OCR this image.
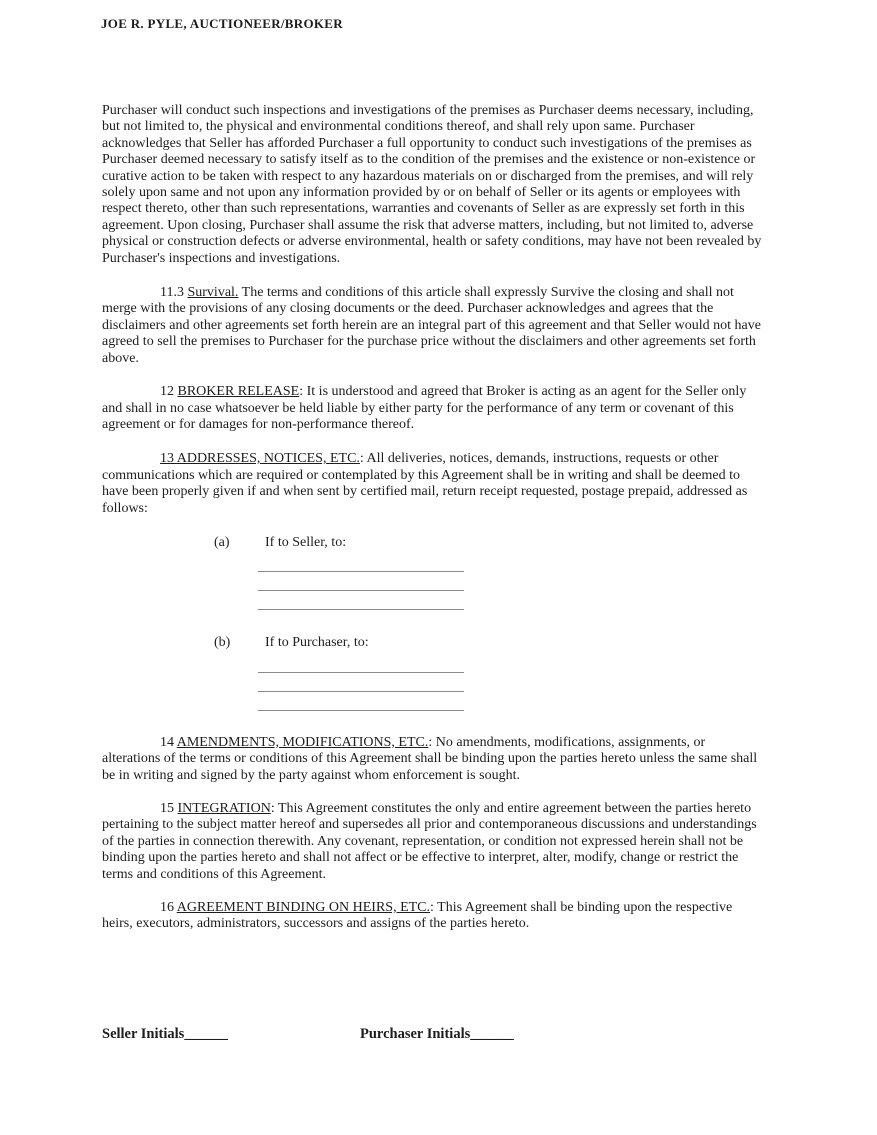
JOE R. PYLE, AUCTIONEER/BROKER

Purchaser will conduct such inspections and investigations of the premises as Purchaser deems necessary, including, but not limited to, the physical and environmental conditions thereof, and shall rely upon same. Purchaser acknowledges that Seller has afforded Purchaser a full opportunity to conduct such investigations of the premises as Purchaser deemed necessary to satisfy itself as to the condition of the premises and the existence or non-existence or curative action to be taken with respect to any hazardous materials on or discharged from the premises, and will rely solely upon same and not upon any information provided by or on behalf of Seller or its agents or employees with respect thereto, other than such representations, warranties and covenants of Seller as are expressly set forth in this agreement. Upon closing, Purchaser shall assume the risk that adverse matters, including, but not limited to, adverse physical or construction defects or adverse environmental, health or safety conditions, may have not been revealed by Purchaser's inspections and investigations.

11.3 Survival. The terms and conditions of this article shall expressly Survive the closing and shall not merge with the provisions of any closing documents or the deed. Purchaser acknowledges and agrees that the disclaimers and other agreements set forth herein are an integral part of this agreement and that Seller would not have agreed to sell the premises to Purchaser for the purchase price without the disclaimers and other agreements set forth above.

12 BROKER RELEASE: It is understood and agreed that Broker is acting as an agent for the Seller only and shall in no case whatsoever be held liable by either party for the performance of any term or covenant of this agreement or for damages for non-performance thereof.

13 ADDRESSES, NOTICES, ETC.: All deliveries, notices, demands, instructions, requests or other communications which are required or contemplated by this Agreement shall be in writing and shall be deemed to have been properly given if and when sent by certified mail, return receipt requested, postage prepaid, addressed as follows:

(a)	If to Seller, to:
(b)	If to Purchaser, to:

14 AMENDMENTS, MODIFICATIONS, ETC.: No amendments, modifications, assignments, or alterations of the terms or conditions of this Agreement shall be binding upon the parties hereto unless the same shall be in writing and signed by the party against whom enforcement is sought.

15 INTEGRATION: This Agreement constitutes the only and entire agreement between the parties hereto pertaining to the subject matter hereof and supersedes all prior and contemporaneous discussions and understandings of the parties in connection therewith. Any covenant, representation, or condition not expressed herein shall not be binding upon the parties hereto and shall not affect or be effective to interpret, alter, modify, change or restrict the terms and conditions of this Agreement.

16 AGREEMENT BINDING ON HEIRS, ETC.: This Agreement shall be binding upon the respective heirs, executors, administrators, successors and assigns of the parties hereto.

Seller Initials______	Purchaser Initials______
